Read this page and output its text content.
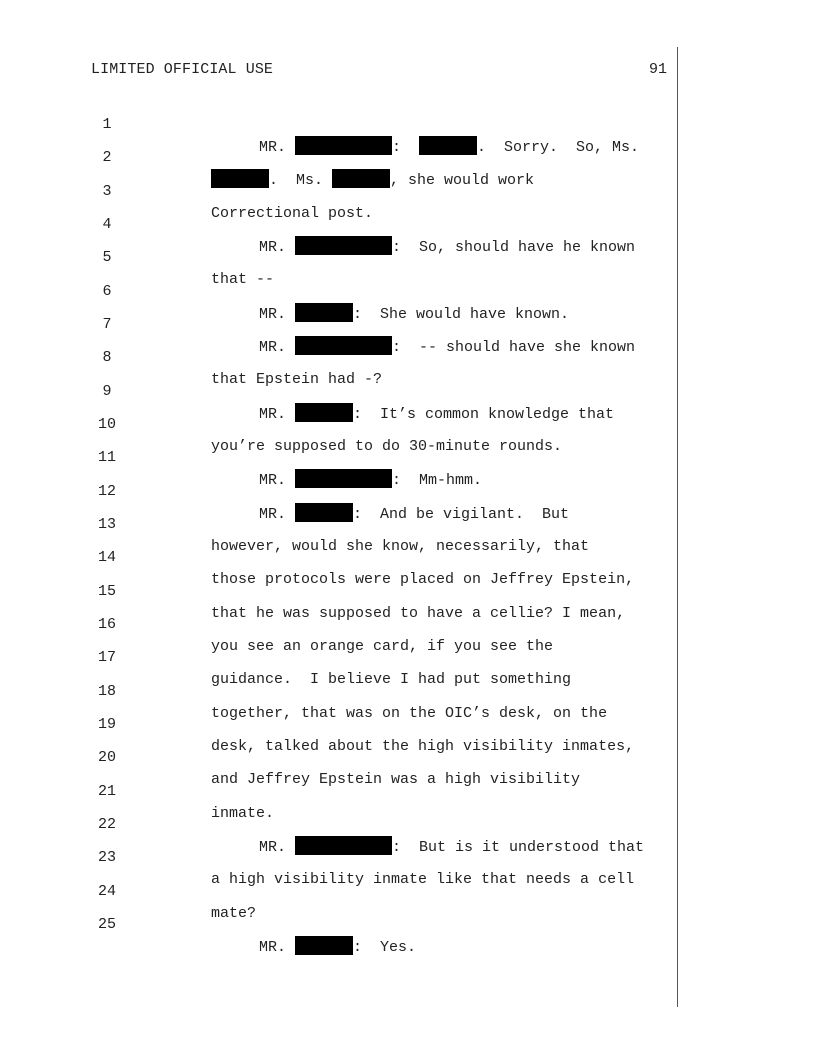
LIMITED OFFICIAL USE	91

1

MR.	:	.  Sorry.  So, Ms.

2

.  Ms.	, she would work

3

Correctional post.

4

MR.	:  So, should have he known

5

that --

6

MR.	:  She would have known.

7

MR.	:  -- should have she known

8

that Epstein had -?

9

MR.	:  It’s common knowledge that

10

you’re supposed to do 30-minute rounds.

11

MR.	:  Mm-hmm.

12

MR.	:  And be vigilant.  But

13

however, would she know, necessarily, that

14

those protocols were placed on Jeffrey Epstein,

15

that he was supposed to have a cellie? I mean,

16

you see an orange card, if you see the

17

guidance.  I believe I had put something

18

together, that was on the OIC’s desk, on the

19

desk, talked about the high visibility inmates,

20

and Jeffrey Epstein was a high visibility

21

inmate.

22

MR.	:  But is it understood that

23

a high visibility inmate like that needs a cell

24

mate?

25

MR.	:  Yes.
